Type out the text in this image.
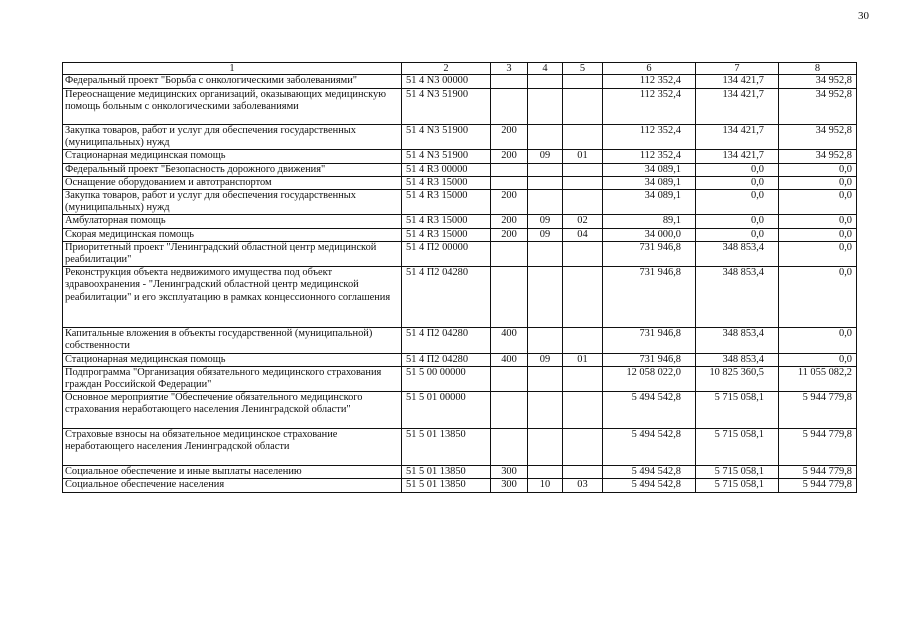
30
1	2	3	4	5	6	7	8
Федеральный проект "Борьба с онкологическими заболеваниями"	51 4 N3 00000				112 352,4	134 421,7	34 952,8
Переоснащение медицинских организаций, оказывающих медицинскую помощь больным с онкологическими заболеваниями	51 4 N3 51900				112 352,4	134 421,7	34 952,8
Закупка товаров, работ и услуг для обеспечения государственных (муниципальных) нужд	51 4 N3 51900	200			112 352,4	134 421,7	34 952,8
Стационарная медицинская помощь	51 4 N3 51900	200	09	01	112 352,4	134 421,7	34 952,8
Федеральный проект "Безопасность дорожного движения"	51 4 R3 00000				34 089,1	0,0	0,0
Оснащение оборудованием и автотранспортом	51 4 R3 15000				34 089,1	0,0	0,0
Закупка товаров, работ и услуг для обеспечения государственных (муниципальных) нужд	51 4 R3 15000	200			34 089,1	0,0	0,0
Амбулаторная помощь	51 4 R3 15000	200	09	02	89,1	0,0	0,0
Скорая медицинская помощь	51 4 R3 15000	200	09	04	34 000,0	0,0	0,0
Приоритетный проект "Ленинградский областной центр медицинской реабилитации"	51 4 П2 00000				731 946,8	348 853,4	0,0
Реконструкция объекта недвижимого имущества под объект здравоохранения - "Ленинградский областной центр медицинской реабилитации" и его эксплуатацию в рамках концессионного соглашения	51 4 П2 04280				731 946,8	348 853,4	0,0
Капитальные вложения в объекты государственной (муниципальной) собственности	51 4 П2 04280	400			731 946,8	348 853,4	0,0
Стационарная медицинская помощь	51 4 П2 04280	400	09	01	731 946,8	348 853,4	0,0
Подпрограмма "Организация обязательного медицинского страхования граждан Российской Федерации"	51 5 00 00000				12 058 022,0	10 825 360,5	11 055 082,2
Основное мероприятие "Обеспечение обязательного медицинского страхования неработающего населения Ленинградской области"	51 5 01 00000				5 494 542,8	5 715 058,1	5 944 779,8
Страховые взносы на обязательное медицинское страхование неработающего населения Ленинградской области	51 5 01 13850				5 494 542,8	5 715 058,1	5 944 779,8
Социальное обеспечение и иные выплаты населению	51 5 01 13850	300			5 494 542,8	5 715 058,1	5 944 779,8
Социальное обеспечение населения	51 5 01 13850	300	10	03	5 494 542,8	5 715 058,1	5 944 779,8
